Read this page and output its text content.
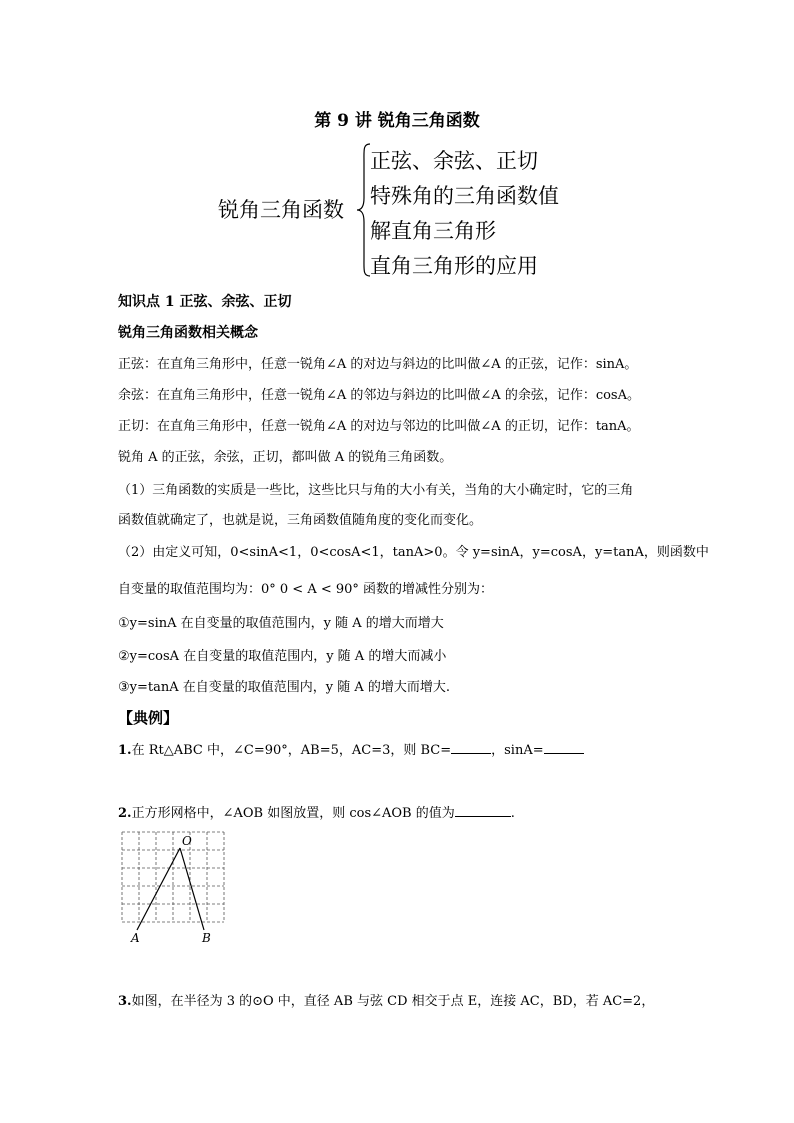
第 9 讲 锐角三角函数
锐角三角函数
正弦、余弦、正切
特殊角的三角函数值
解直角三角形
直角三角形的应用
知识点 1 正弦、余弦、正切
锐角三角函数相关概念
正弦：在直角三角形中，任意一锐角∠A 的对边与斜边的比叫做∠A 的正弦，记作：sinA。
余弦：在直角三角形中，任意一锐角∠A 的邻边与斜边的比叫做∠A 的余弦，记作：cosA。
正切：在直角三角形中，任意一锐角∠A 的对边与邻边的比叫做∠A 的正切，记作：tanA。
锐角 A 的正弦，余弦，正切，都叫做 A 的锐角三角函数。
（1）三角函数的实质是一些比，这些比只与角的大小有关，当角的大小确定时，它的三角
函数值就确定了，也就是说，三角函数值随角度的变化而变化。
（2）由定义可知，0<sinA<1，0<cosA<1，tanA>0。令 y=sinA，y=cosA，y=tanA，则函数中
自变量的取值范围均为：0° 0 < A < 90° 函数的增减性分别为：
①y=sinA 在自变量的取值范围内，y 随 A 的增大而增大
②y=cosA 在自变量的取值范围内，y 随 A 的增大而减小
③y=tanA 在自变量的取值范围内，y 随 A 的增大而增大.
【典例】
1.在 Rt△ABC 中，∠C=90°，AB=5，AC=3，则 BC=	，sinA=
2.正方形网格中，∠AOB 如图放置，则 cos∠AOB 的值为	.
O
A	B
3.如图，在半径为 3 的⊙O 中，直径 AB 与弦 CD 相交于点 E，连接 AC，BD，若 AC=2，
